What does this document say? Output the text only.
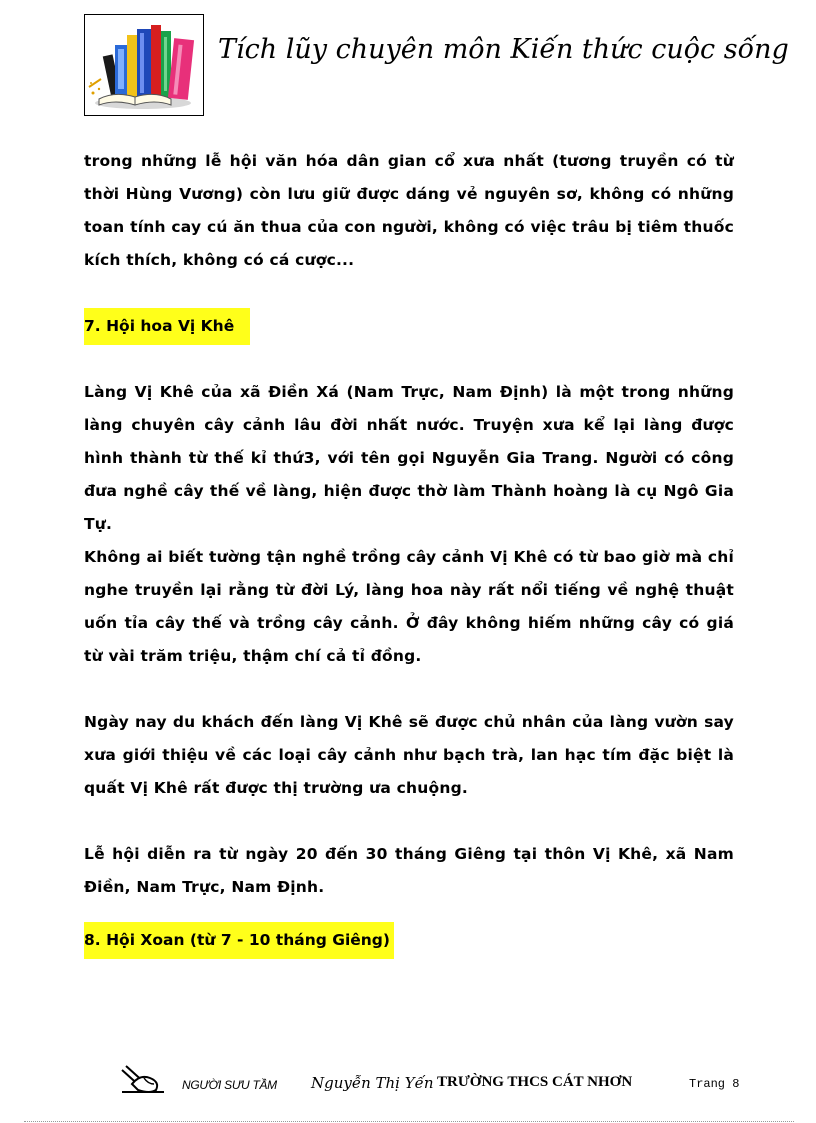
Tích lũy chuyên môn Kiến thức cuộc sống

trong những lễ hội văn hóa dân gian cổ xưa nhất (tương truyền có từ thời Hùng Vương) còn lưu giữ được dáng vẻ nguyên sơ, không có những toan tính cay cú ăn thua của con người, không có việc trâu bị tiêm thuốc kích thích, không có cá cược...

7. Hội hoa Vị Khê

Làng Vị Khê của xã Điền Xá (Nam Trực, Nam Định) là một trong những làng chuyên cây cảnh lâu đời nhất nước. Truyện xưa kể lại làng được hình thành từ thế kỉ thứ3, với tên gọi Nguyễn Gia Trang. Người có công đưa nghề cây thế về làng, hiện được thờ làm Thành hoàng là cụ Ngô Gia Tự.

Không ai biết tường tận nghề trồng cây cảnh Vị Khê có từ bao giờ mà chỉ nghe truyền lại rằng từ đời Lý, làng hoa này rất nổi tiếng về nghệ thuật uốn tỉa cây thế và trồng cây cảnh. Ở đây không hiếm những cây có giá từ vài trăm triệu, thậm chí cả tỉ đồng.

Ngày nay du khách đến làng Vị Khê sẽ được chủ nhân của làng vườn say xưa giới thiệu về các loại cây cảnh như bạch trà, lan hạc tím đặc biệt là quất Vị Khê rất được thị trường ưa chuộng.

Lễ hội diễn ra từ ngày 20 đến 30 tháng Giêng tại thôn Vị Khê, xã Nam Điền, Nam Trực, Nam Định.

8. Hội Xoan (từ 7 - 10 tháng Giêng)
NGƯỜI SƯU TẦM Nguyễn Thị Yến TRƯỜNG THCS CÁT NHƠN	Trang 8
